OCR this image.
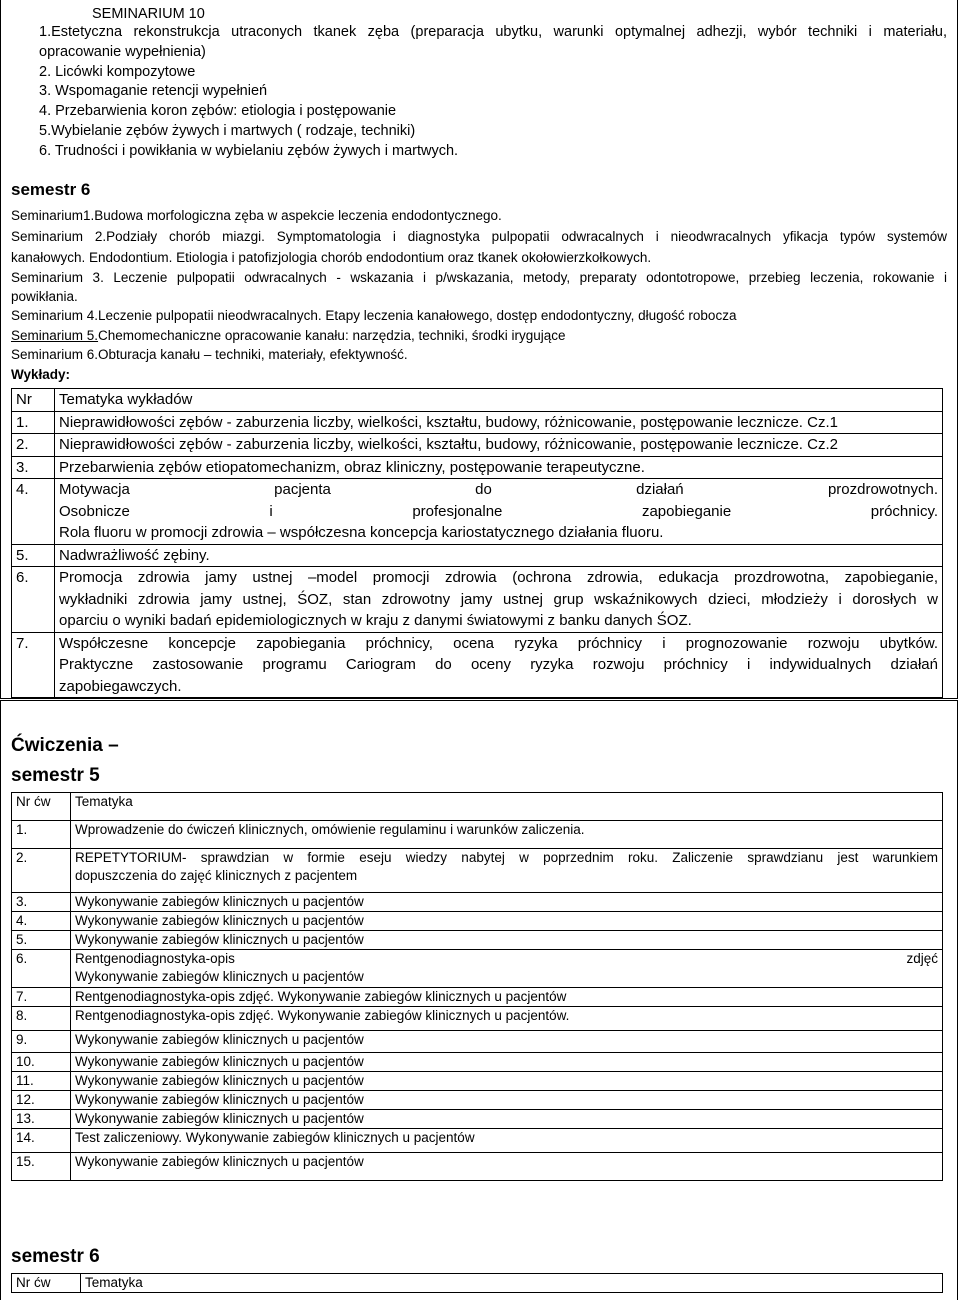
SEMINARIUM 10
1.Estetyczna rekonstrukcja utraconych tkanek zęba (preparacja ubytku, warunki optymalnej adhezji, wybór techniki i materiału,
opracowanie wypełnienia)
2. Licówki kompozytowe
3. Wspomaganie retencji wypełnień
4. Przebarwienia koron zębów: etiologia i postępowanie
5.Wybielanie zębów żywych i martwych ( rodzaje, techniki)
6. Trudności i powikłania w wybielaniu zębów żywych i martwych.
semestr 6
Seminarium1.Budowa morfologiczna zęba w aspekcie leczenia endodontycznego.
Seminarium 2.Podziały chorób miazgi. Symptomatologia i diagnostyka pulpopatii odwracalnych i nieodwracalnych yfikacja typów systemów
kanałowych. Endodontium. Etiologia i patofizjologia chorób endodontium oraz tkanek okołowierzkołkowych.
Seminarium 3. Leczenie pulpopatii odwracalnych - wskazania i p/wskazania, metody, preparaty odontotropowe, przebieg leczenia, rokowanie i
powikłania.
Seminarium 4.Leczenie pulpopatii nieodwracalnych. Etapy leczenia kanałowego, dostęp endodontyczny, długość robocza
Seminarium 5.Chemomechaniczne opracowanie kanału: narzędzia, techniki, środki irygujące
Seminarium 6.Obturacja kanału – techniki, materiały, efektywność.
Wykłady:
Nr	Tematyka wykładów
1.	Nieprawidłowości zębów - zaburzenia liczby, wielkości, kształtu, budowy, różnicowanie, postępowanie lecznicze. Cz.1

2.	Nieprawidłowości zębów - zaburzenia liczby, wielkości, kształtu, budowy, różnicowanie, postępowanie lecznicze. Cz.2

3.	Przebarwienia zębów etiopatomechanizm, obraz kliniczny, postępowanie terapeutyczne.

4.	Motywacja pacjenta do działań prozdrowotnych.
Osobnicze i profesjonalne zapobieganie próchnicy.
Rola fluoru w promocji zdrowia – współczesna koncepcja kariostatycznego działania fluoru.

5.	Nadwrażliwość zębiny.

6.	Promocja zdrowia jamy ustnej –model promocji zdrowia (ochrona zdrowia, edukacja prozdrowotna, zapobieganie,
wykładniki zdrowia jamy ustnej, ŚOZ, stan zdrowotny jamy ustnej grup wskaźnikowych dzieci, młodzieży i dorosłych w
oparciu o wyniki badań epidemiologicznych w kraju z danymi światowymi z banku danych ŚOZ.

7.	Współczesne koncepcje zapobiegania próchnicy, ocena ryzyka próchnicy i prognozowanie rozwoju ubytków.
Praktyczne zastosowanie programu Cariogram do oceny ryzyka rozwoju próchnicy i indywidualnych działań
zapobiegawczych.
Ćwiczenia –
semestr 5
Nr ćw	Tematyka
1.	Wprowadzenie do ćwiczeń klinicznych, omówienie regulaminu i warunków zaliczenia.

2.	REPETYTORIUM- sprawdzian w formie eseju wiedzy nabytej w poprzednim roku. Zaliczenie sprawdzianu jest warunkiem
dopuszczenia do zajęć klinicznych z pacjentem

3.	Wykonywanie zabiegów klinicznych u pacjentów

4.	Wykonywanie zabiegów klinicznych u pacjentów

5.	Wykonywanie zabiegów klinicznych u pacjentów

6.	Rentgenodiagnostyka-opis zdjęć
Wykonywanie zabiegów klinicznych u pacjentów

7.	Rentgenodiagnostyka-opis zdjęć. Wykonywanie zabiegów klinicznych u pacjentów

8.	Rentgenodiagnostyka-opis zdjęć. Wykonywanie zabiegów klinicznych u pacjentów.

9.	Wykonywanie zabiegów klinicznych u pacjentów

10.	Wykonywanie zabiegów klinicznych u pacjentów

11.	Wykonywanie zabiegów klinicznych u pacjentów

12.	Wykonywanie zabiegów klinicznych u pacjentów

13.	Wykonywanie zabiegów klinicznych u pacjentów

14.	Test zaliczeniowy. Wykonywanie zabiegów klinicznych u pacjentów

15.	Wykonywanie zabiegów klinicznych u pacjentów
semestr 6
Nr ćw	Tematyka
